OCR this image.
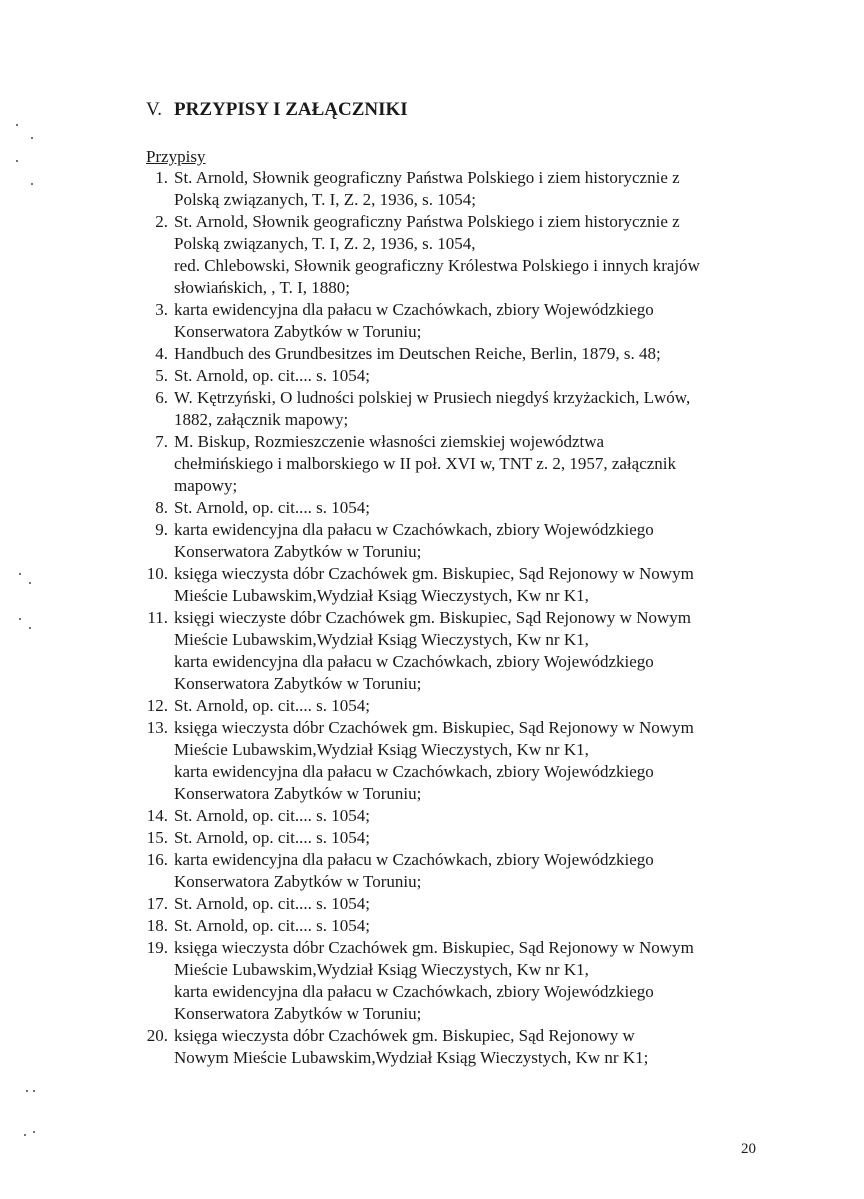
V. PRZYPISY I ZAŁĄCZNIKI
Przypisy
1. St. Arnold, Słownik geograficzny Państwa Polskiego i ziem historycznie z
Polską związanych, T. I, Z. 2, 1936, s. 1054;
2. St. Arnold, Słownik geograficzny Państwa Polskiego i ziem historycznie z
Polską związanych, T. I, Z. 2, 1936, s. 1054,
red. Chlebowski, Słownik geograficzny Królestwa Polskiego i innych krajów
słowiańskich, , T. I, 1880;
3. karta ewidencyjna dla pałacu w Czachówkach, zbiory Wojewódzkiego
Konserwatora Zabytków w Toruniu;
4. Handbuch des Grundbesitzes im Deutschen Reiche, Berlin, 1879, s. 48;
5. St. Arnold, op. cit.... s. 1054;
6. W. Kętrzyński, O ludności polskiej w Prusiech niegdyś krzyżackich, Lwów,
1882, załącznik mapowy;
7. M. Biskup, Rozmieszczenie własności ziemskiej województwa
chełmińskiego i malborskiego w II poł. XVI w, TNT z. 2, 1957, załącznik
mapowy;
8. St. Arnold, op. cit.... s. 1054;
9. karta ewidencyjna dla pałacu w Czachówkach, zbiory Wojewódzkiego
Konserwatora Zabytków w Toruniu;
10. księga wieczysta dóbr Czachówek gm. Biskupiec, Sąd Rejonowy w Nowym
Mieście Lubawskim,Wydział Ksiąg Wieczystych, Kw nr K1,
11. księgi wieczyste dóbr Czachówek gm. Biskupiec, Sąd Rejonowy w Nowym
Mieście Lubawskim,Wydział Ksiąg Wieczystych, Kw nr K1,
karta ewidencyjna dla pałacu w Czachówkach, zbiory Wojewódzkiego
Konserwatora Zabytków w Toruniu;
12. St. Arnold, op. cit.... s. 1054;
13. księga wieczysta dóbr Czachówek gm. Biskupiec, Sąd Rejonowy w Nowym
Mieście Lubawskim,Wydział Ksiąg Wieczystych, Kw nr K1,
karta ewidencyjna dla pałacu w Czachówkach, zbiory Wojewódzkiego
Konserwatora Zabytków w Toruniu;
14. St. Arnold, op. cit.... s. 1054;
15. St. Arnold, op. cit.... s. 1054;
16. karta ewidencyjna dla pałacu w Czachówkach, zbiory Wojewódzkiego
Konserwatora Zabytków w Toruniu;
17. St. Arnold, op. cit.... s. 1054;
18. St. Arnold, op. cit.... s. 1054;
19. księga wieczysta dóbr Czachówek gm. Biskupiec, Sąd Rejonowy w Nowym
Mieście Lubawskim,Wydział Ksiąg Wieczystych, Kw nr K1,
karta ewidencyjna dla pałacu w Czachówkach, zbiory Wojewódzkiego
Konserwatora Zabytków w Toruniu;
20. księga wieczysta dóbr Czachówek gm. Biskupiec, Sąd Rejonowy w
Nowym Mieście Lubawskim,Wydział Ksiąg Wieczystych, Kw nr K1;
20
